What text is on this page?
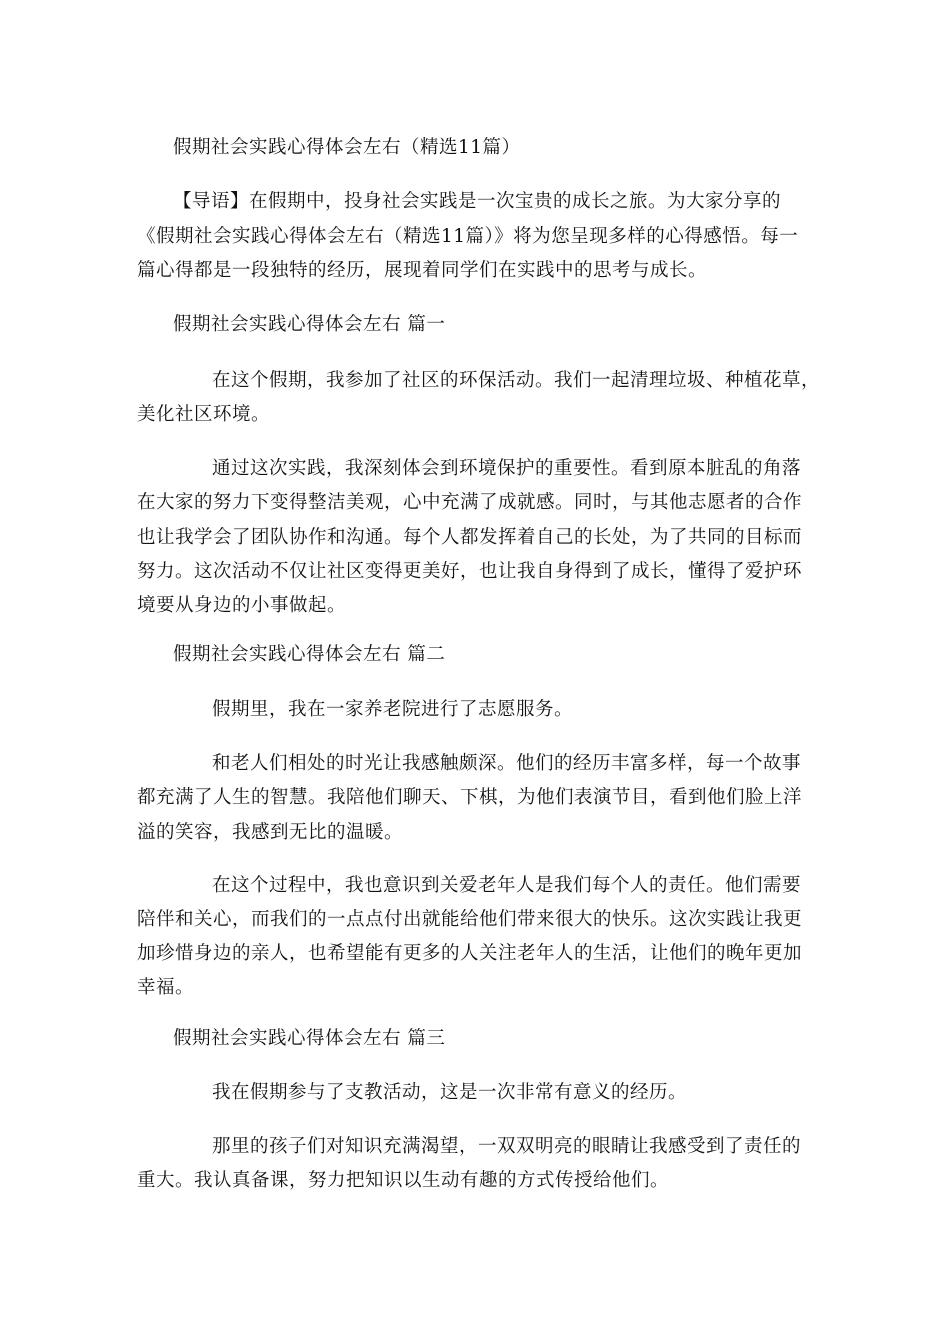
假期社会实践心得体会左右（精选11篇）
【导语】在假期中，投身社会实践是一次宝贵的成长之旅。为大家分享的
《假期社会实践心得体会左右（精选11篇）》将为您呈现多样的心得感悟。每一
篇心得都是一段独特的经历，展现着同学们在实践中的思考与成长。
假期社会实践心得体会左右 篇一
在这个假期，我参加了社区的环保活动。我们一起清理垃圾、种植花草，
美化社区环境。
通过这次实践，我深刻体会到环境保护的重要性。看到原本脏乱的角落
在大家的努力下变得整洁美观，心中充满了成就感。同时，与其他志愿者的合作
也让我学会了团队协作和沟通。每个人都发挥着自己的长处，为了共同的目标而
努力。这次活动不仅让社区变得更美好，也让我自身得到了成长，懂得了爱护环
境要从身边的小事做起。
假期社会实践心得体会左右 篇二
假期里，我在一家养老院进行了志愿服务。
和老人们相处的时光让我感触颇深。他们的经历丰富多样，每一个故事
都充满了人生的智慧。我陪他们聊天、下棋，为他们表演节目，看到他们脸上洋
溢的笑容，我感到无比的温暖。
在这个过程中，我也意识到关爱老年人是我们每个人的责任。他们需要
陪伴和关心，而我们的一点点付出就能给他们带来很大的快乐。这次实践让我更
加珍惜身边的亲人，也希望能有更多的人关注老年人的生活，让他们的晚年更加
幸福。
假期社会实践心得体会左右 篇三
我在假期参与了支教活动，这是一次非常有意义的经历。
那里的孩子们对知识充满渴望，一双双明亮的眼睛让我感受到了责任的
重大。我认真备课，努力把知识以生动有趣的方式传授给他们。
